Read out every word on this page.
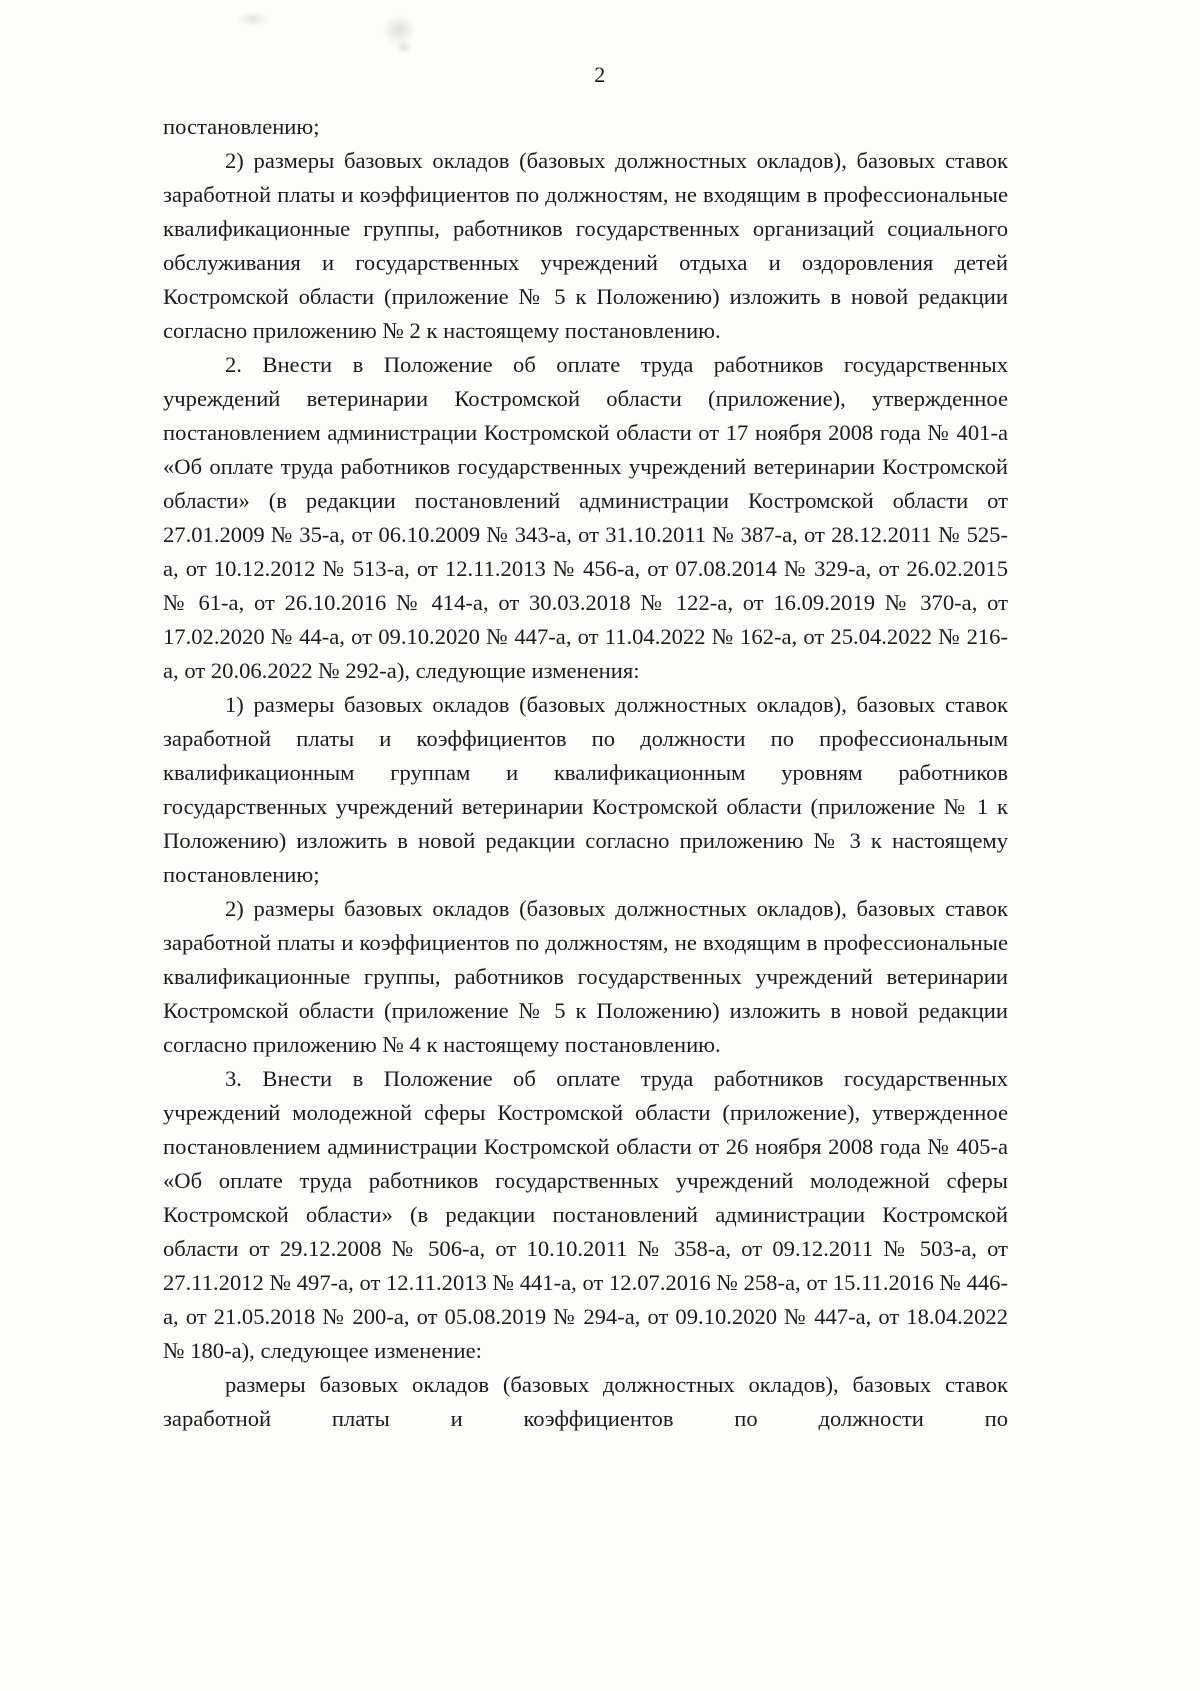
2

постановлению;

2) размеры базовых окладов (базовых должностных окладов), базовых ставок заработной платы и коэффициентов по должностям, не входящим в профессиональные квалификационные группы, работников государственных организаций социального обслуживания и государственных учреждений отдыха и оздоровления детей Костромской области (приложение № 5 к Положению) изложить в новой редакции согласно приложению № 2 к настоящему постановлению.

2. Внести в Положение об оплате труда работников государственных учреждений ветеринарии Костромской области (приложение), утвержденное постановлением администрации Костромской области от 17 ноября 2008 года № 401-а «Об оплате труда работников государственных учреждений ветеринарии Костромской области» (в редакции постановлений администрации Костромской области от 27.01.2009 № 35-а, от 06.10.2009 № 343-а, от 31.10.2011 № 387-а, от 28.12.2011 № 525-а, от 10.12.2012 № 513-а, от 12.11.2013 № 456-а, от 07.08.2014 № 329-а, от 26.02.2015 № 61-а, от 26.10.2016 № 414-а, от 30.03.2018 № 122-а, от 16.09.2019 № 370-а, от 17.02.2020 № 44-а, от 09.10.2020 № 447-а, от 11.04.2022 № 162-а, от 25.04.2022 № 216-а, от 20.06.2022 № 292-а), следующие изменения:

1) размеры базовых окладов (базовых должностных окладов), базовых ставок заработной платы и коэффициентов по должности по профессиональным квалификационным группам и квалификационным уровням работников государственных учреждений ветеринарии Костромской области (приложение № 1 к Положению) изложить в новой редакции согласно приложению № 3 к настоящему постановлению;

2) размеры базовых окладов (базовых должностных окладов), базовых ставок заработной платы и коэффициентов по должностям, не входящим в профессиональные квалификационные группы, работников государственных учреждений ветеринарии Костромской области (приложение № 5 к Положению) изложить в новой редакции согласно приложению № 4 к настоящему постановлению.

3. Внести в Положение об оплате труда работников государственных учреждений молодежной сферы Костромской области (приложение), утвержденное постановлением администрации Костромской области от 26 ноября 2008 года № 405-а «Об оплате труда работников государственных учреждений молодежной сферы Костромской области» (в редакции постановлений администрации Костромской области от 29.12.2008 № 506-а, от 10.10.2011 № 358-а, от 09.12.2011 № 503-а, от 27.11.2012 № 497-а, от 12.11.2013 № 441-а, от 12.07.2016 № 258-а, от 15.11.2016 № 446-а, от 21.05.2018 № 200-а, от 05.08.2019 № 294-а, от 09.10.2020 № 447-а, от 18.04.2022 № 180-а), следующее изменение:

размеры базовых окладов (базовых должностных окладов), базовых ставок заработной платы и коэффициентов по должности по
